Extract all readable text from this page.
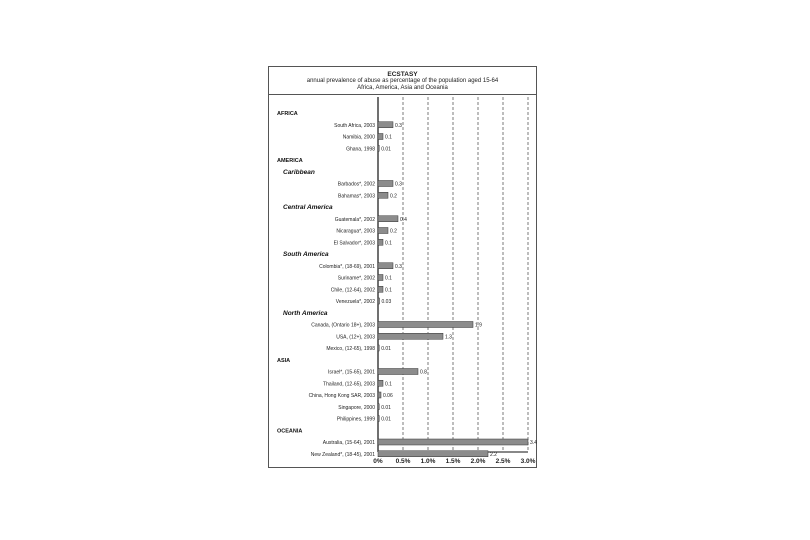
ECSTASY
annual prevalence of abuse as percentage of the population aged 15-64
Africa, America, Asia and Oceania
0% 0.5% 1.0% 1.5% 2.0% 2.5% 3.0%
AFRICA
South Africa, 2003	0.3
Namibia, 2000 0.1
Ghana, 1998 0.01
AMERICA
Caribbean
Barbados*, 2002	0.3
Bahamas*, 2003	0.2
Central America
Guatemala*, 2002	0.4
Nicaragua*, 2003	0.2
El Salvador*, 2003 0.1
South America
Colombia*, (18-69), 2001	0.3
Suriname*, 2002 0.1
Chile, (12-64), 2002 0.1
Venezuela*, 2002 0.03
North America
Canada, (Ontario 18+), 2003	1.9
USA, (12+), 2003	1.3
Mexico, (12-65), 1998 0.01
ASIA
Israel*, (15-65), 2001	0.8
Thailand, (12-65), 2003 0.1
China, Hong Kong SAR, 2003 0.06
Singapore, 2000 0.01
Philippines, 1999 0.01
OCEANIA
Australia, (15-64), 2001	3.4
New Zealand*, (18-45), 2001	2.2
